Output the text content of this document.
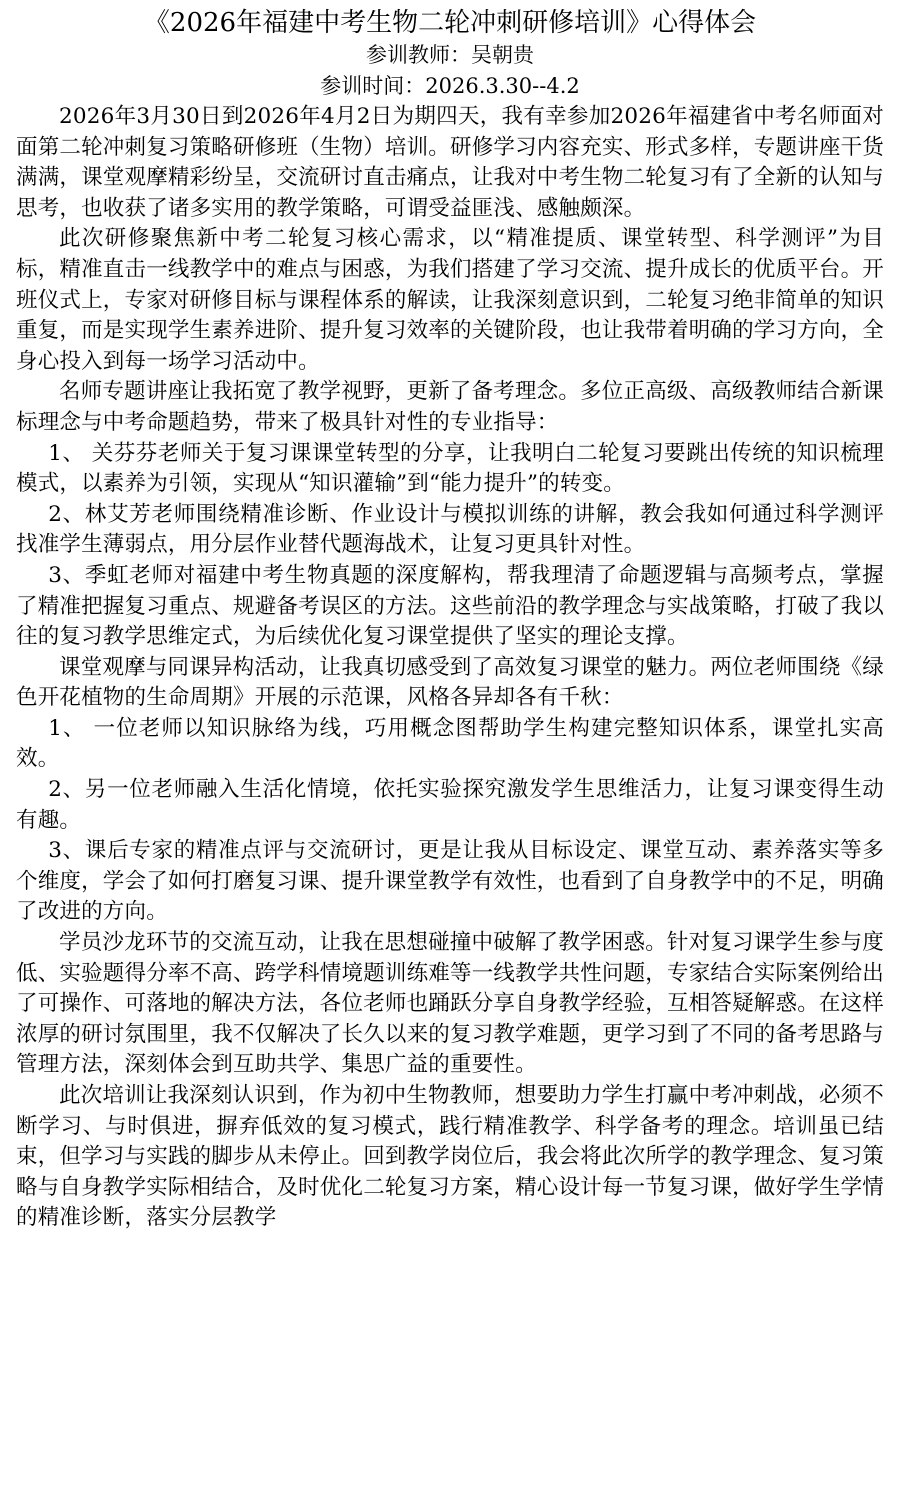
《2026年福建中考生物二轮冲刺研修培训》心得体会

参训教师：吴朝贵

参训时间：2026.3.30--4.2

2026年3月30日到2026年4月2日为期四天，我有幸参加2026年福建省中考名师面对面第二轮冲刺复习策略研修班（生物）培训。研修学习内容充实、形式多样，专题讲座干货满满，课堂观摩精彩纷呈，交流研讨直击痛点，让我对中考生物二轮复习有了全新的认知与思考，也收获了诸多实用的教学策略，可谓受益匪浅、感触颇深。

此次研修聚焦新中考二轮复习核心需求，以“精准提质、课堂转型、科学测评”为目标，精准直击一线教学中的难点与困惑，为我们搭建了学习交流、提升成长的优质平台。开班仪式上，专家对研修目标与课程体系的解读，让我深刻意识到，二轮复习绝非简单的知识重复，而是实现学生素养进阶、提升复习效率的关键阶段，也让我带着明确的学习方向，全身心投入到每一场学习活动中。

名师专题讲座让我拓宽了教学视野，更新了备考理念。多位正高级、高级教师结合新课标理念与中考命题趋势，带来了极具针对性的专业指导：

1、 关芬芬老师关于复习课课堂转型的分享，让我明白二轮复习要跳出传统的知识梳理模式，以素养为引领，实现从“知识灌输”到“能力提升”的转变。

2、林艾芳老师围绕精准诊断、作业设计与模拟训练的讲解，教会我如何通过科学测评找准学生薄弱点，用分层作业替代题海战术，让复习更具针对性。

3、季虹老师对福建中考生物真题的深度解构，帮我理清了命题逻辑与高频考点，掌握了精准把握复习重点、规避备考误区的方法。这些前沿的教学理念与实战策略，打破了我以往的复习教学思维定式，为后续优化复习课堂提供了坚实的理论支撑。

课堂观摩与同课异构活动，让我真切感受到了高效复习课堂的魅力。两位老师围绕《绿色开花植物的生命周期》开展的示范课，风格各异却各有千秋：

1、 一位老师以知识脉络为线，巧用概念图帮助学生构建完整知识体系，课堂扎实高效。

2、另一位老师融入生活化情境，依托实验探究激发学生思维活力，让复习课变得生动有趣。

3、课后专家的精准点评与交流研讨，更是让我从目标设定、课堂互动、素养落实等多个维度，学会了如何打磨复习课、提升课堂教学有效性，也看到了自身教学中的不足，明确了改进的方向。

学员沙龙环节的交流互动，让我在思想碰撞中破解了教学困惑。针对复习课学生参与度低、实验题得分率不高、跨学科情境题训练难等一线教学共性问题，专家结合实际案例给出了可操作、可落地的解决方法，各位老师也踊跃分享自身教学经验，互相答疑解惑。在这样浓厚的研讨氛围里，我不仅解决了长久以来的复习教学难题，更学习到了不同的备考思路与管理方法，深刻体会到互助共学、集思广益的重要性。

此次培训让我深刻认识到，作为初中生物教师，想要助力学生打赢中考冲刺战，必须不断学习、与时俱进，摒弃低效的复习模式，践行精准教学、科学备考的理念。培训虽已结束，但学习与实践的脚步从未停止。回到教学岗位后，我会将此次所学的教学理念、复习策略与自身教学实际相结合，及时优化二轮复习方案，精心设计每一节复习课，做好学生学情的精准诊断，落实分层教学
